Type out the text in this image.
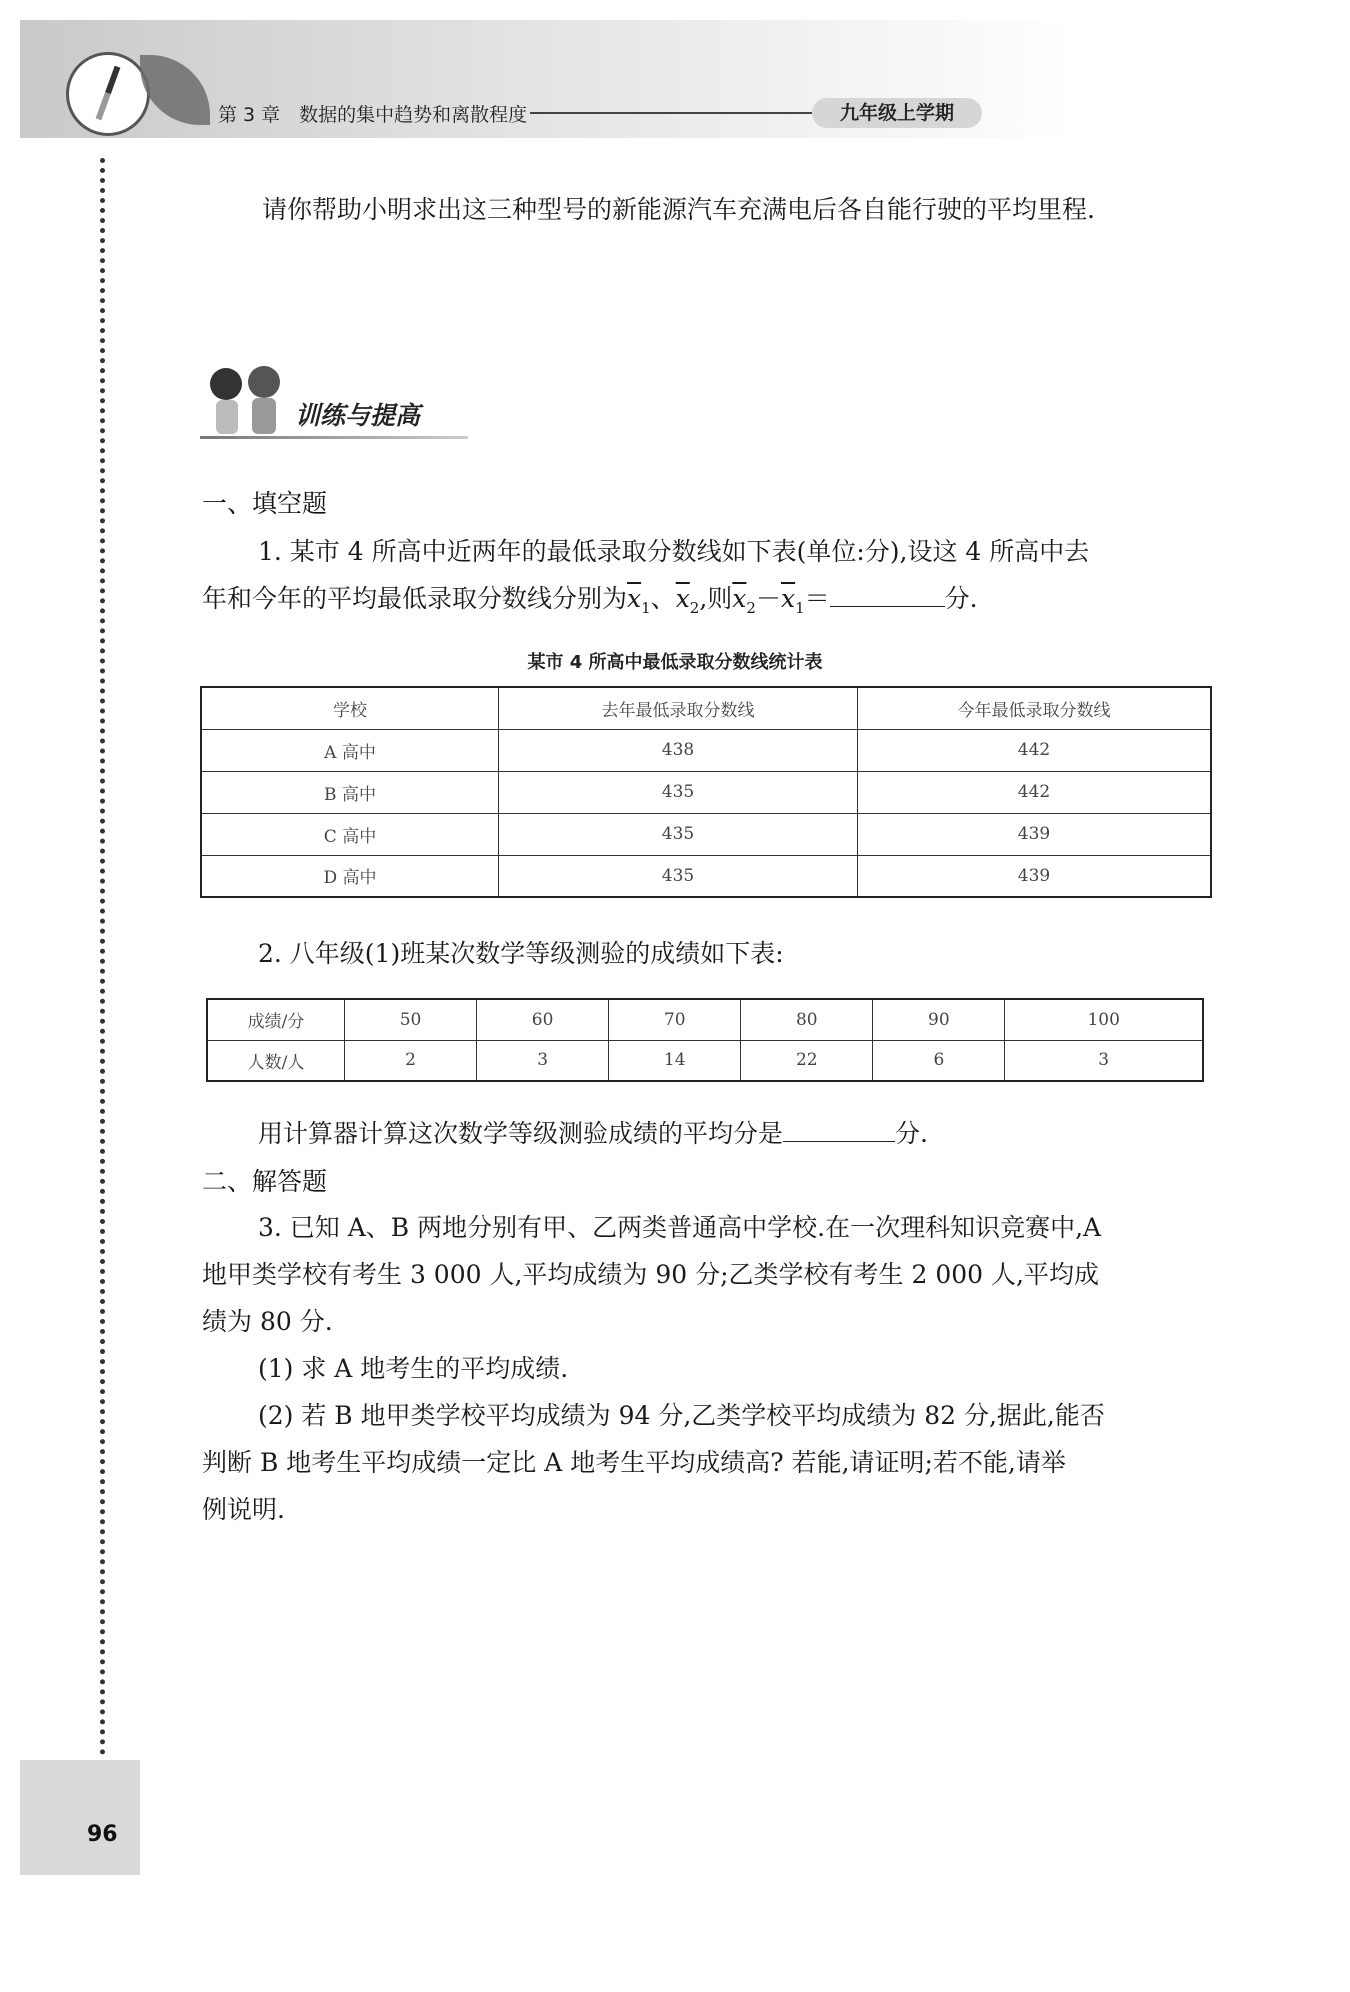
第 3 章　数据的集中趋势和离散程度	九年级上学期
96
请你帮助小明求出这三种型号的新能源汽车充满电后各自能行驶的平均里程.
训练与提高
一、填空题
1. 某市 4 所高中近两年的最低录取分数线如下表(单位:分),设这 4 所高中去
年和今年的平均最低录取分数线分别为$\overline{x}_1$、$\overline{x}_2$,则$\overline{x}_2-\overline{x}_1=$	分.
某市 4 所高中最低录取分数线统计表
学校	去年最低录取分数线	今年最低录取分数线
A 高中	438	442
B 高中	435	442
C 高中	435	439
D 高中	435	439
2. 八年级(1)班某次数学等级测验的成绩如下表:
成绩/分	50	60	70	80	90	100
人数/人	2	3	14	22	6	3
用计算器计算这次数学等级测验成绩的平均分是	分.
二、解答题
3. 已知 A、B 两地分别有甲、乙两类普通高中学校.在一次理科知识竞赛中,A
地甲类学校有考生 3 000 人,平均成绩为 90 分;乙类学校有考生 2 000 人,平均成
绩为 80 分.
(1) 求 A 地考生的平均成绩.
(2) 若 B 地甲类学校平均成绩为 94 分,乙类学校平均成绩为 82 分,据此,能否
判断 B 地考生平均成绩一定比 A 地考生平均成绩高? 若能,请证明;若不能,请举
例说明.
